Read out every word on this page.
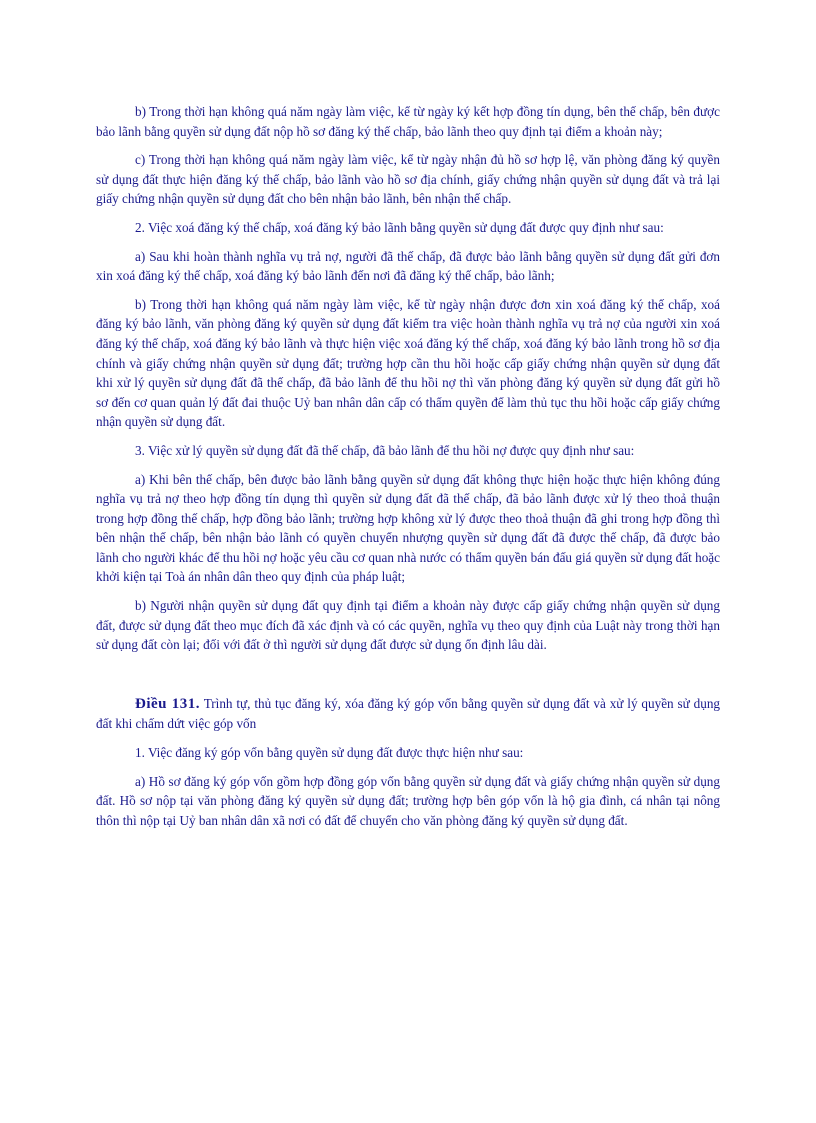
b) Trong thời hạn không quá năm ngày làm việc, kể từ ngày ký kết hợp đồng tín dụng, bên thế chấp, bên được bảo lãnh bằng quyền sử dụng đất nộp hồ sơ đăng ký thế chấp, bảo lãnh theo quy định tại điểm a khoản này;

c) Trong thời hạn không quá năm ngày làm việc, kể từ ngày nhận đủ hồ sơ hợp lệ, văn phòng đăng ký quyền sử dụng đất thực hiện đăng ký thế chấp, bảo lãnh vào hồ sơ địa chính, giấy chứng nhận quyền sử dụng đất và trả lại giấy chứng nhận quyền sử dụng đất cho bên nhận bảo lãnh, bên nhận thế chấp.

2. Việc xoá đăng ký thế chấp, xoá đăng ký bảo lãnh bằng quyền sử dụng đất được quy định như sau:

a) Sau khi hoàn thành nghĩa vụ trả nợ, người đã thế chấp, đã được bảo lãnh bằng quyền sử dụng đất gửi đơn xin xoá đăng ký thế chấp, xoá đăng ký bảo lãnh đến nơi đã đăng ký thế chấp, bảo lãnh;

b) Trong thời hạn không quá năm ngày làm việc, kể từ ngày nhận được đơn xin xoá đăng ký thế chấp, xoá đăng ký bảo lãnh, văn phòng đăng ký quyền sử dụng đất kiểm tra việc hoàn thành nghĩa vụ trả nợ của người xin xoá đăng ký thế chấp, xoá đăng ký bảo lãnh và thực hiện việc xoá đăng ký thế chấp, xoá đăng ký bảo lãnh trong hồ sơ địa chính và giấy chứng nhận quyền sử dụng đất; trường hợp cần thu hồi hoặc cấp giấy chứng nhận quyền sử dụng đất khi xử lý quyền sử dụng đất đã thế chấp, đã bảo lãnh để thu hồi nợ thì văn phòng đăng ký quyền sử dụng đất gửi hồ sơ đến cơ quan quản lý đất đai thuộc Uỷ ban nhân dân cấp có thẩm quyền để làm thủ tục thu hồi hoặc cấp giấy chứng nhận quyền sử dụng đất.

3. Việc xử lý quyền sử dụng đất đã thế chấp, đã bảo lãnh để thu hồi nợ được quy định như sau:

a) Khi bên thế chấp, bên được bảo lãnh bằng quyền sử dụng đất không thực hiện hoặc thực hiện không đúng nghĩa vụ trả nợ theo hợp đồng tín dụng thì quyền sử dụng đất đã thế chấp, đã bảo lãnh được xử lý theo thoả thuận trong hợp đồng thế chấp, hợp đồng bảo lãnh; trường hợp không xử lý được theo thoả thuận đã ghi trong hợp đồng thì bên nhận thế chấp, bên nhận bảo lãnh có quyền chuyển nhượng quyền sử dụng đất đã được thế chấp, đã được bảo lãnh cho người khác để thu hồi nợ hoặc yêu cầu cơ quan nhà nước có thẩm quyền bán đấu giá quyền sử dụng đất hoặc khởi kiện tại Toà án nhân dân theo quy định của pháp luật;

b) Người nhận quyền sử dụng đất quy định tại điểm a khoản này được cấp giấy chứng nhận quyền sử dụng đất, được sử dụng đất theo mục đích đã xác định và có các quyền, nghĩa vụ theo quy định của Luật này trong thời hạn sử dụng đất còn lại; đối với đất ở thì người sử dụng đất được sử dụng ổn định lâu dài.

Điều 131. Trình tự, thủ tục đăng ký, xóa đăng ký góp vốn bằng quyền sử dụng đất và xử lý quyền sử dụng đất khi chấm dứt việc góp vốn

1. Việc đăng ký góp vốn bằng quyền sử dụng đất được thực hiện như sau:

a) Hồ sơ đăng ký góp vốn gồm hợp đồng góp vốn bằng quyền sử dụng đất và giấy chứng nhận quyền sử dụng đất. Hồ sơ nộp tại văn phòng đăng ký quyền sử dụng đất; trường hợp bên góp vốn là hộ gia đình, cá nhân tại nông thôn thì nộp tại Uỷ ban nhân dân xã nơi có đất để chuyển cho văn phòng đăng ký quyền sử dụng đất.
